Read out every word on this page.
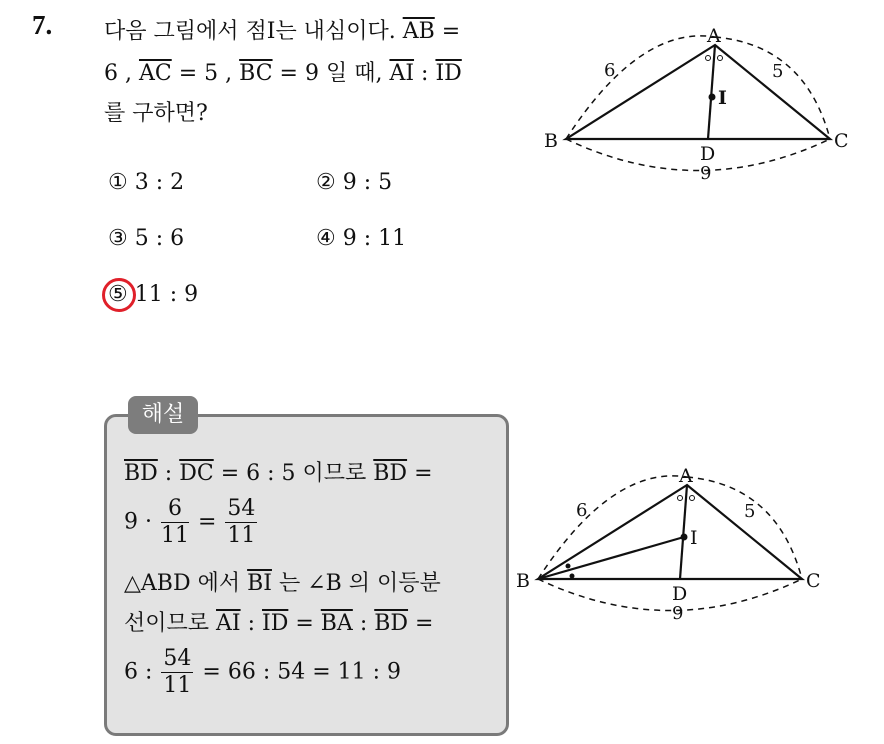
7. 다음 그림에서 점I는 내심이다. $\overline{AB}$ =
6 , $\overline{AC} = 5$ , $\overline{BC} = 9$ 일 때, $\overline{AI}$ : $\overline{ID}$
를 구하면?
① 3 : 2	② 9 : 5
③ 5 : 6	④ 9 : 11
⑤ 11 : 9
A
B	C
D
I
6	5
9
해설
$\overline{BD}$ : $\overline{DC} = 6$ : 5 이므로 $\overline{BD}$ =
$9 \cdot \frac{6}{11} = \frac{54}{11}$
△ABD 에서 $\overline{BI}$ 는 ∠B 의 이등분
선이므로 $\overline{AI}$ : $\overline{ID} = \overline{BA}$ : $\overline{BD}$ =
6 : $\frac{54}{11} = 66$ : 54 = 11 : 9
A
B	C
D
I
6	5
9
